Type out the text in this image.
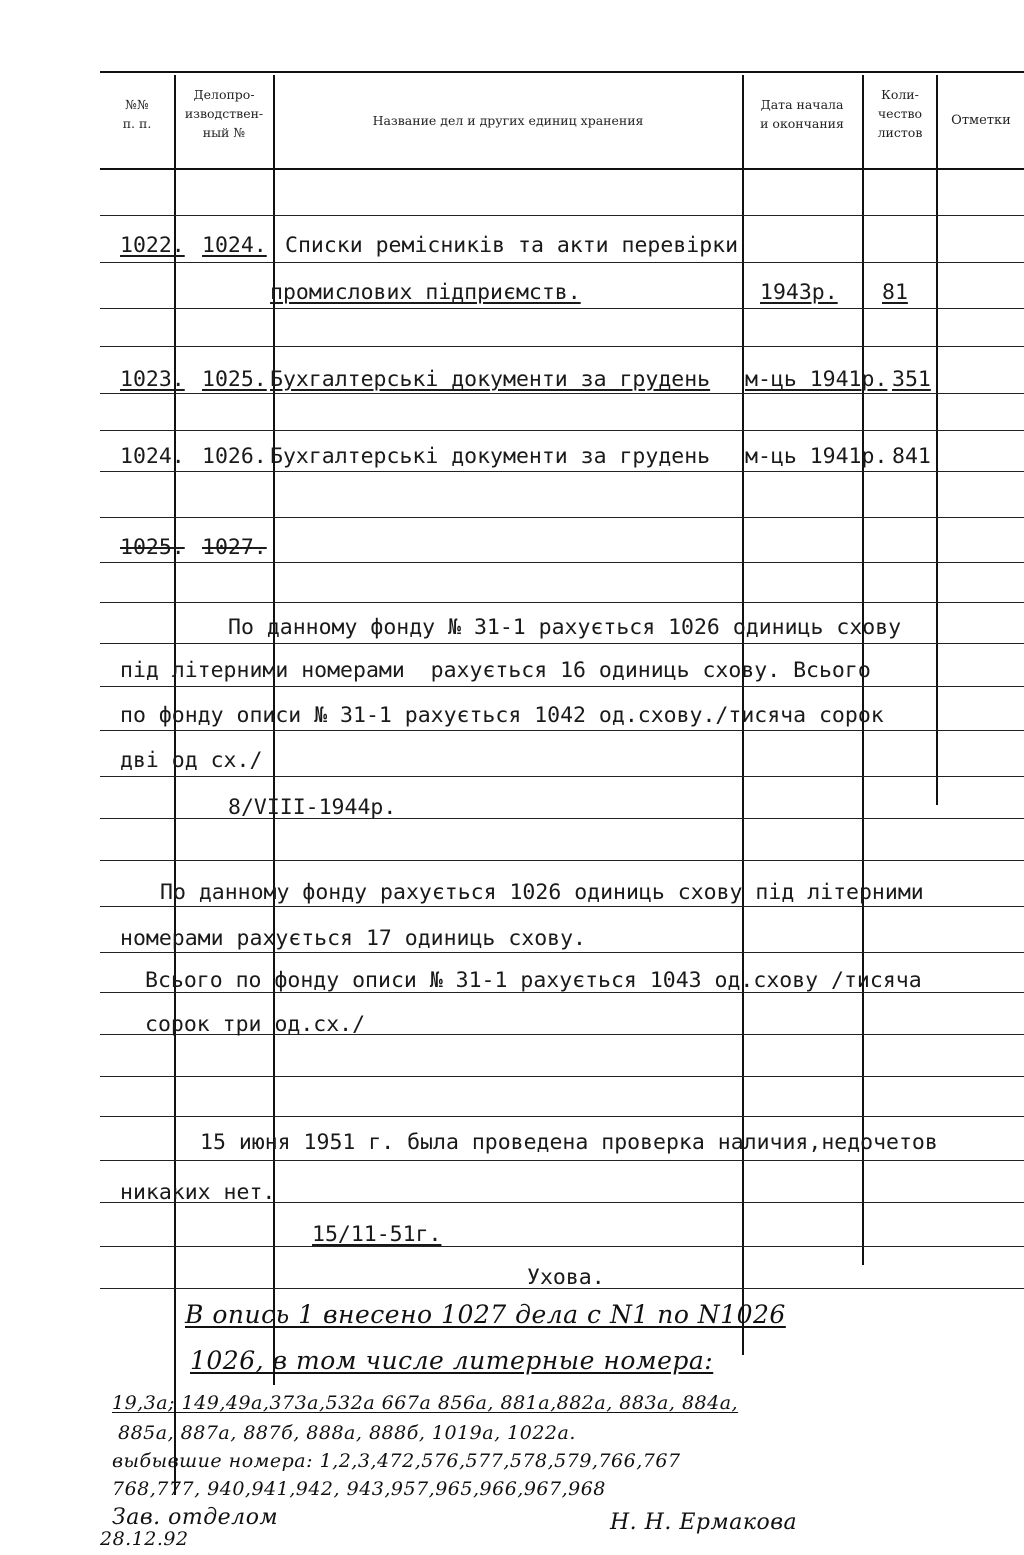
№№
п. п.
Делопро-
изводствен-
ный №
Название дел и других единиц хранения
Дата начала
и окончания
Коли-
чество
листов
Отметки
1022. 1024. Списки ремісників та акти перевірки
промислових підприємств.	1943р. 81
1023. 1025. Бухгалтерські документи за грудень м-ць 1941р. 351
1024. 1026. Бухгалтерські документи за грудень м-ць 1941р. 841
1025. 1027.
По данному фонду № 31-1 рахується 1026 одиниць схову
під літерними номерами  рахується 16 одиниць схову. Всього
по фонду описи № 31-1 рахується 1042 од.схову./тисяча сорок
дві од сх./
8/VIII-1944р.
По данному фонду рахується 1026 одиниць схову під літерними
номерами рахується 17 одиниць схову.
Всього по фонду описи № 31-1 рахується 1043 од.схову /тисяча
сорок три од.сх./
15 июня 1951 г. была проведена проверка наличия,недочетов
никаких нет.
15/11-51г.
Ухова.
В опись 1 внесено 1027 дела с N1 по N1026
1026, в том числе литерные номера:
19,3а; 149,49а,373а,532а 667а 856а, 881а,882а, 883а, 884а,
885а, 887а, 887б, 888а, 888б, 1019а, 1022а.
выбывшие номера: 1,2,3,472,576,577,578,579,766,767
768,777, 940,941,942, 943,957,965,966,967,968
Зав. отделом
28.12.92
Н. Н. Ермакова
